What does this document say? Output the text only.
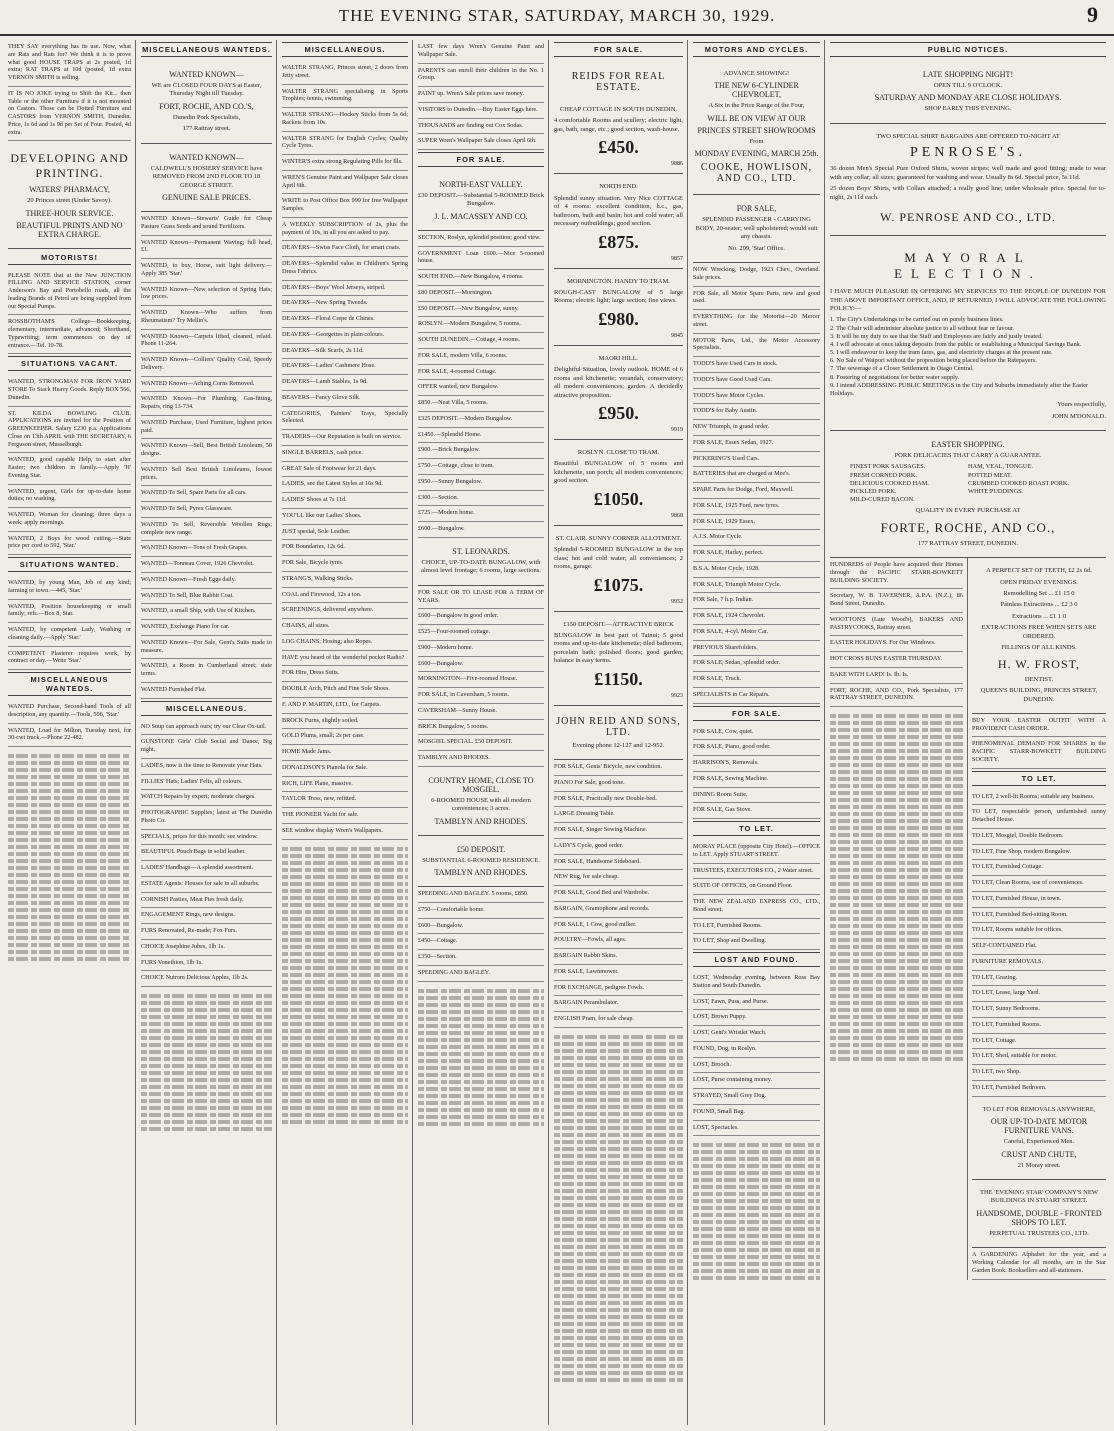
THE EVENING STAR, SATURDAY, MARCH 30, 1929.	9
THEY SAY everything has its use. Now, what are Rats and Rats for? We think it is to prove what good HOUSE TRAPS at 2s posted, 1d extra; RAT TRAPS at 10d (posted, 1d extra VERNON SMITH is selling.
IT IS NO JOKE trying to Shift the Kit... then Table or the other Furniture if it is not mounted on Castors. Those can be Dotted Furniture and CASTORS from VERNON SMITH, Dunedin. Price, 1s 6d and 1s 9d per Set of Four. Posted, 4d extra.
DEVELOPING AND PRINTING.
WATERS' PHARMACY,
20 Princes street (Under Savoy).
THREE-HOUR SERVICE.
BEAUTIFUL PRINTS AND NO EXTRA CHARGE.
MOTORISTS!
PLEASE NOTE that at the New JUNCTION FILLING AND SERVICE STATION, corner Anderson's Bay and Portobello roads, all the leading Brands of Petrol are being supplied from our Special Pumps.
ROSSBOTHAM'S College—Bookkeeping, elementary, intermediate, advanced; Shorthand, Typewriting; term commences on day of entrance.—Tel. 10-78.
SITUATIONS VACANT.
WANTED, STRONGMAN FOR IRON YARD STORE To Stack Heavy Goods. Reply BOX 566, Dunedin.
ST. KILDA BOWLING CLUB. APPLICATIONS are invited for the Position of GREENKEEPER. Salary £230 p.a. Applications Close on 13th APRIL with THE SECRETARY, 6 Ferguson street, Musselburgh.
WANTED, good capable Help, to start after Easter; two children in family.—Apply 'H' Evening Star.
WANTED, urgent, Girls for up-to-date home duties; no washing.
WANTED, Woman for cleaning; three days a week; apply mornings.
WANTED, 2 Boys for wood cutting.—State price per cord to 592, 'Star.'
SITUATIONS WANTED.
WANTED, by young Man, Job of any kind; farming or town.—445, 'Star.'
WANTED, Position housekeeping or small family; refs.—Box 8, Star.
WANTED, by competent Lady, Washing or cleaning daily.—Apply 'Star.'
COMPETENT Plasterer requires work, by contract or day.—Write 'Star.'
MISCELLANEOUS WANTEDS.
WANTED Purchase, Second-hand Tools of all description, any quantity.—Tools, 506, 'Star.'
WANTED, Load for Milton, Tuesday next, for 30-cwt truck.—Phone 22-482.
MISCELLANEOUS WANTEDS.
WANTED KNOWN—
WE are CLOSED FOUR DAYS at Easter, Thursday Night till Tuesday.
FORT, ROCHE, AND CO.'S,
Dunedin Pork Specialists,
177 Rattray street.
WANTED KNOWN—
CALDWELL'S HOSIERY SERVICE have REMOVED FROM 2ND FLOOR TO 18 GEORGE STREET.
GENUINE SALE PRICES.
WANTED Known—Stewarts' Guide for Cheap Pasture Grass Seeds and sound Fertilizers.
WANTED Known—Permanent Waving; full head, £1.
WANTED, to buy, Horse, suit light delivery.—Apply 385 'Star.'
WANTED Known—New selection of Spring Hats; low prices.
WANTED Known—Who suffers from Rheumatism? Try Mellin's.
WANTED Known—Carpets lifted, cleaned, relaid. Phone 11-264.
WANTED Known—Colliers' Quality Coal, Speedy Delivery.
WANTED Known—Aching Corns Removed.
WANTED Known—For Plumbing, Gas-fitting, Repairs, ring 13-734.
WANTED Purchase, Used Furniture, highest prices paid.
WANTED Known—Sell, Best British Linoleum, 50 designs.
WANTED Sell Best British Linoleums, lowest prices.
WANTED To Sell, Spare Parts for all cars.
WANTED To Sell, Pyrex Glassware.
WANTED To Sell, Reversible Woollen Rugs; complete new range.
WANTED Known—Tons of Fresh Grapes.
WANTED—Tonneau Cover, 1926 Chevrolet.
WANTED Known—Fresh Eggs daily.
WANTED To Sell, Blue Rabbit Coat.
WANTED, a small Ship, with Use of Kitchen.
WANTED, Exchange Piano for car.
WANTED Known—For Sale, Gent's Suits made to measure.
WANTED, a Room in Cumberland street; state terms.
WANTED Furnished Flat.
MISCELLANEOUS.
NO Soup can approach ours; try our Clear Ox-tail.
GUNSTONE Girls' Club Social and Dance, Big night.
LADIES, now is the time to Renovate your Hats.
FILLIES' Hats; Ladies' Felts, all colours.
WATCH Repairs by expert; moderate charges.
PHOTOGRAPHIC Supplies; latest at The Dunedin Photo Co.
SPECIALS, prices for this month; see window.
BEAUTIFUL Pouch Bags in solid leather.
LADIES' Handbags—A splendid assortment.
ESTATE Agents: Houses for sale in all suburbs.
CORNISH Pasties, Meat Pies fresh daily.
ENGAGEMENT Rings, new designs.
FURS Renovated, Re-made; Fox Furs.
CHOICE Josephine Jubes, 1lb 1s.
FURS Vonethion, 1lb 1s.
CHOICE Nutrom Delicious Apples, 1lb 2s.
MISCELLANEOUS.
WALTER STRANG, Princes street, 2 doors from Jetty street.
WALTER STRANG specialising in Sports Trophies; tennis, swimming.
WALTER STRANG—Hockey Sticks from 5s 6d; Rackets from 10s.
WALTER STRANG for English Cycles; Quality Cycle Tyres.
WINTER'S extra strong Regulating Pills for Ills.
WREN'S Genuine Paint and Wallpaper Sale closes April 6th.
WRITE to Post Office Box 999 for free Wallpaper Samples.
A WEEKLY SUBSCRIPTION of 2s, plus the payment of 10s, in all you are asked to pay.
DEAVERS—Swiss Face Cloth, for smart coats.
DEAVERS—Splendid value in Children's Spring Dress Fabrics.
DEAVERS—Boys' Wool Jerseys, striped.
DEAVERS—New Spring Tweeds.
DEAVERS—Floral Crepe de Chines.
DEAVERS—Georgettes in plain colours.
DEAVERS—Silk Scarfs, 2s 11d.
DEAVERS—Ladies' Cashmere Hose.
DEAVERS—Lamb Stables, 1s 9d.
BEAVERS—Fancy Glove Silk.
CATEGORIES, Painters' Trays, Specially Selected.
TRADERS—Our Reputation is built on service.
SINGLE BARRELS, cash price.
GREAT Sale of Footwear for 21 days.
LADIES, see the Latest Styles at 16s 9d.
LADIES' Shoes at 7s 11d.
YOU'LL like our Ladies' Shoes.
JUST special, Sole Leather.
FOR Boundaries, 12s 6d.
FOR Sale, Bicycle tyres.
STRANG'S, Walking Sticks.
COAL and Firewood, 12s a ton.
SCREENINGS, delivered anywhere.
CHAINS, all sizes.
LOG CHAINS; Hosing; also Ropes.
HAVE you heard of the wonderful pocket Radio?
FOR Hire, Dress Suits.
DOUBLE Arch, Pitch and Fine Sole Shoes.
F. AND P. MARTIN, LTD., for Carpets.
BROCK Furns, slightly soiled.
GOLD Plums, small; 2s per case.
HOME Made Jams.
DONALDSON'S Pianola for Sale.
RICH, LIFE Plane, massive.
TAYLOR Tress, new, refitted.
THE PIONEER Yacht for sale.
SEE window display Wren's Wallpapers.
LAST few days Wren's Genuine Paint and Wallpaper Sale.
PARENTS can enroll their children in the No. 1 Group.
PAINT up. Wren's Sale prices save money.
VISITORS to Dunedin.—Buy Easter Eggs here.
THOUSANDS are finding out Cox Sodas.
SUPER Wren's Wallpaper Sale closes April 6th.
FOR SALE.
NORTH-EAST VALLEY.
£30 DEPOSIT.—Substantial 5-ROOMED Brick Bungalow.
J. L. MACASSEY AND CO.
SECTION, Roslyn, splendid position; good view.
GOVERNMENT Loan £600.—Nice 5-roomed house.
SOUTH END.—New Bungalow, 4 rooms.
£80 DEPOSIT.—Mornington.
£50 DEPOSIT.—New Bungalow, sunny.
ROSLYN.—Modern Bungalow, 5 rooms.
SOUTH DUNEDIN.—Cottage, 4 rooms.
FOR SALE, modern Villa, 6 rooms.
FOR SALE, 4-roomed Cottage.
OFFER wanted, new Bungalow.
£850.—Neat Villa, 5 rooms.
£325 DEPOSIT.—Modern Bungalow.
£1450.—Splendid Home.
£900.—Brick Bungalow.
£750.—Cottage, close to tram.
£950.—Sunny Bungalow.
£300.—Section.
£725.—Modern home.
£600.—Bungalow.
ST. LEONARDS.
CHOICE, UP-TO-DATE BUNGALOW, with almost level frontage; 6 rooms, large sections.
FOR SALE OR TO LEASE FOR A TERM OF YEARS.
£600—Bungalow in good order.
£525—Four-roomed cottage.
£900—Modern home.
£600—Bungalow.
MORNINGTON—Five-roomed House.
FOR SALE, in Caversham, 5 rooms.
CAVERSHAM—Sunny House.
BRICK Bungalow, 5 rooms.
MOSGIEL SPECIAL. £50 DEPOSIT.
TAMBLYN AND RHODES.
COUNTRY HOME, CLOSE TO MOSGIEL.
6-ROOMED HOUSE with all modern conveniences; 3 acres.
TAMBLYN AND RHODES.
£50 DEPOSIT.
SUBSTANTIAL 6-ROOMED RESIDENCE.
TAMBLYN AND RHODES.
SPEEDING AND BAGLEY. 5 rooms, £850.
£750—Comfortable home.
£600—Bungalow.
£450—Cottage.
£350—Section.
SPEEDING AND BAGLEY.
FOR SALE.
REIDS FOR REAL ESTATE.
CHEAP COTTAGE IN SOUTH DUNEDIN.
4 comfortable Rooms and scullery; electric light, gas, bath, range, etc.; good section, wash-house.
£450.
9886
NORTH END.
Splendid sunny situation. Very Nice COTTAGE of 4 rooms: excellent condition, h.c., gas, bathroom, bath and basin; hot and cold water; all necessary outbuildings; good section.
£875.
9857
MORNINGTON. HANDY TO TRAM.
ROUGH-CAST BUNGALOW of 5 large Rooms; electric light; large section; fine views.
£980.
9845
MAORI HILL.
Delightful Situation, lovely outlook. HOME of 6 rooms and kitchenette; verandah, conservatory; all modern conveniences; garden. A decidedly attractive proposition.
£950.
9919
ROSLYN. CLOSE TO TRAM.
Beautiful BUNGALOW of 5 rooms and kitchenette, sun porch; all modern conveniences; good section.
£1050.
9868
ST. CLAIR. SUNNY CORNER ALLOTMENT.
Splendid 5-ROOMED BUNGALOW in the top class; hot and cold water; all conveniences; 2 rooms, garage.
£1075.
9952
£150 DEPOSIT.—ATTRACTIVE BRICK
BUNGALOW in best part of Tainui; 5 good rooms and up-to-date kitchenette; tiled bathroom, porcelain bath; polished floors; good garden; balance in easy terms.
£1150.
9923
JOHN REID AND SONS, LTD.
Evening phone 12-127 and 12-952.
FOR SALE, Gents' Bicycle, new condition.
PIANO For Sale; good tone.
FOR SALE, Practically new Double-bed.
LARGE Dressing Table.
FOR SALE, Singer Sewing Machine.
LADY'S Cycle, good order.
FOR SALE, Handsome Sideboard.
NEW Rug, for sale cheap.
FOR SALE, Good Bed and Wardrobe.
BARGAIN, Gramophone and records.
FOR SALE, 1 Cow, good milker.
POULTRY—Fowls, all ages.
BARGAIN Rabbit Skins.
FOR SALE, Lawnmower.
FOR EXCHANGE, pedigree Fowls.
BARGAIN Perambulator.
ENGLISH Pram, for sale cheap.
MOTORS AND CYCLES.
ADVANCE SHOWING!
THE NEW 6-CYLINDER CHEVROLET,
A Six in the Price Range of the Four,
WILL BE ON VIEW AT OUR
PRINCES STREET SHOWROOMS
From
MONDAY EVENING, MARCH 25th.
COOKE, HOWLISON, AND CO., LTD.
FOR SALE,
SPLENDID PASSENGER - CARRYING BODY, 20-seater; well upholstered; would suit any chassis.
No. 299, 'Star' Office.
NOW Wrecking, Dodge, 1923 Chev., Overland. Sale prices.
FOR Sale, all Motor Spare Parts, new and good used.
EVERYTHING for the Motorist—20 Mercer street.
MOTOR Parts, Ltd., the Motor Accessory Specialists.
TODD'S have Used Cars in stock.
TODD'S have Good Used Cars.
TODD'S have Motor Cycles.
TODD'S for Baby Austin.
NEW Triumph, in grand order.
FOR SALE, Essex Sedan, 1927.
PICKERING'S Used Cars.
BATTERIES that are charged at Mee's.
SPARE Parts for Dodge, Ford, Maxwell.
FOR SALE, 1925 Ford, new tyres.
FOR SALE, 1929 Essex.
A.J.S. Motor Cycle.
FOR SALE, Harley, perfect.
B.S.A. Motor Cycle, 1928.
FOR SALE, Triumph Motor Cycle.
FOR Sale, 7 h.p. Indian.
FOR SALE, 1924 Chevrolet.
FOR SALE, 4-cyl. Motor Car.
PREVIOUS Sharefolders.
FOR SALE, Sedan, splendid order.
FOR SALE, Truck.
SPECIALISTS in Car Repairs.
FOR SALE.
FOR SALE, Cow, quiet.
FOR SALE, Piano, good order.
HARRISON'S, Removals.
FOR SALE, Sewing Machine.
DINING Room Suite.
FOR SALE, Gas Stove.
TO LET.
MORAY PLACE (opposite City Hotel).—OFFICE to LET. Apply STUART STREET.
TRUSTEES, EXECUTORS CO., 2 Water street.
SUITE OF OFFICES, on Ground Floor.
THE NEW ZEALAND EXPRESS CO., LTD., Bond street.
TO LET, Furnished Rooms.
TO LET, Shop and Dwelling.
LOST AND FOUND.
LOST, Wednesday evening, between Ross Bay Station and South Dunedin.
LOST, Fawn, Puss, and Purse.
LOST, Brown Puppy.
LOST, Gent's Wristlet Watch.
FOUND, Dog, in Roslyn.
LOST, Brooch.
LOST, Purse containing money.
STRAYED, Small Grey Dog.
FOUND, Small Bag.
LOST, Spectacles.
PUBLIC NOTICES.
LATE SHOPPING NIGHT!
OPEN TILL 9 O'CLOCK.
SATURDAY AND MONDAY ARE CLOSE HOLIDAYS.
SHOP EARLY THIS EVENING.
TWO SPECIAL SHIRT BARGAINS ARE OFFERED TO-NIGHT AT
PENROSE'S.
36 dozen Men's Special Pure Oxford Shirts, woven stripes; well made and good fitting; made to wear with any collar; all sizes; guaranteed for washing and wear. Usually 8s 6d. Special price, 5s 11d.
25 dozen Boys' Shirts, with Collars attached; a really good line; under wholesale price. Special for to-night, 2s 11d each.
W. PENROSE AND CO., LTD.
MAYORAL ELECTION.
I HAVE MUCH PLEASURE IN OFFERING MY SERVICES TO THE PEOPLE OF DUNEDIN FOR THE ABOVE IMPORTANT OFFICE, AND, IF RETURNED, I WILL ADVOCATE THE FOLLOWING POLICY:—
1. The City's Undertakings to be carried out on purely business lines.
2. The Chair will administer absolute justice to all without fear or favour.
3. It will be my duty to see that the Staff and Employees are fairly and justly treated.
4. I will advocate at once taking deposits from the public or establishing a Municipal Savings Bank.
5. I will endeavour to keep the tram fares, gas, and electricity charges at the present rate.
6. No Sale of Waipori without the proposition being placed before the Ratepayers.
7. The sewerage of a Closer Settlement in Otago Central.
8. Fostering of negotiations for better water supply.
9. I intend ADDRESSING PUBLIC MEETINGS in the City and Suburbs immediately after the Easter Holidays.
Yours respectfully,
JOHN M'DONALD.
EASTER SHOPPING.
PORK DELICACIES THAT CARRY A GUARANTEE.
FINEST PORK SAUSAGES.	HAM, VEAL, TONGUE.
FRESH CORNED PORK.	POTTED MEAT.
DELICIOUS COOKED HAM.	CRUMBED COOKED ROAST PORK.
PICKLED PORK.	WHITE PUDDINGS.
MILD-CURED BACON.
QUALITY IN EVERY PURCHASE AT
FORTE, ROCHE, AND CO.,
177 RATTRAY STREET, DUNEDIN.
HUNDREDS of People have acquired their Homes through the PACIFIC STARR-BOWKETT BUILDING SOCIETY.
Secretary, W. B. TAVERNER, A.P.A. (N.Z.), 86 Bond Street, Dunedin.
WOOTTON'S (Late Wood's), BAKERS AND PASTRYCOOKS, Rattray street.
EASTER HOLIDAYS. For Our Windows.
HOT CROSS BUNS EASTER THURSDAY.
BAKE WITH LARD! Is. Ib. Is.
FORT, ROCHE, AND CO., Pork Specialists, 177 RATTRAY STREET, DUNEDIN.
A PERFECT SET OF TEETH, £2 2s 6d.
OPEN FRIDAY EVENINGS.
Remodelling Set ... £1 15 0
Painless Extractions ... £2 3 0
Extractions ... £1 1 0
EXTRACTIONS FREE WHEN SETS ARE ORDERED.
FILLINGS OF ALL KINDS.
H. W. FROST,
DENTIST.
QUEEN'S BUILDING, PRINCES STREET, DUNEDIN.
BUY YOUR EASTER OUTFIT WITH A PROVIDENT CASH ORDER.
PHENOMENAL DEMAND FOR SHARES in the PACIFIC STARR-BOWKETT BUILDING SOCIETY.
TO LET.
TO LET, 2 well-lit Rooms; suitable any business.
TO LET, respectable person, unfurnished sunny Detached House.
TO LET, Mosgiel, Double Bedroom.
TO LET, Fine Shop, modern Bungalow.
TO LET, Furnished Cottage.
TO LET, Clean Rooms, use of conveniences.
TO LET, Furnished House, in town.
TO LET, Furnished Bed-sitting Room.
TO LET, Rooms suitable for offices.
SELF-CONTAINED Flat.
FURNITURE REMOVALS.
TO LET, Grazing.
TO LET, Lease, large Yard.
TO LET, Sunny Bedrooms.
TO LET, Furnished Rooms.
TO LET, Cottage.
TO LET, Shed, suitable for motor.
TO LET, two Shop.
TO LET, Furnished Bedroom.
TO LET FOR REMOVALS ANYWHERE,
OUR UP-TO-DATE MOTOR FURNITURE VANS.
Careful, Experienced Men.
CRUST AND CHUTE,
21 Moray street.
THE 'EVENING STAR' COMPANY'S NEW BUILDINGS IN STUART STREET.
HANDSOME, DOUBLE - FRONTED SHOPS TO LET.
PERPETUAL TRUSTEES CO., LTD.
A GARDENING Alphabet for the year, and a Working Calendar for all months, are in the Star Garden Book. Booksellers and all-stationers.
